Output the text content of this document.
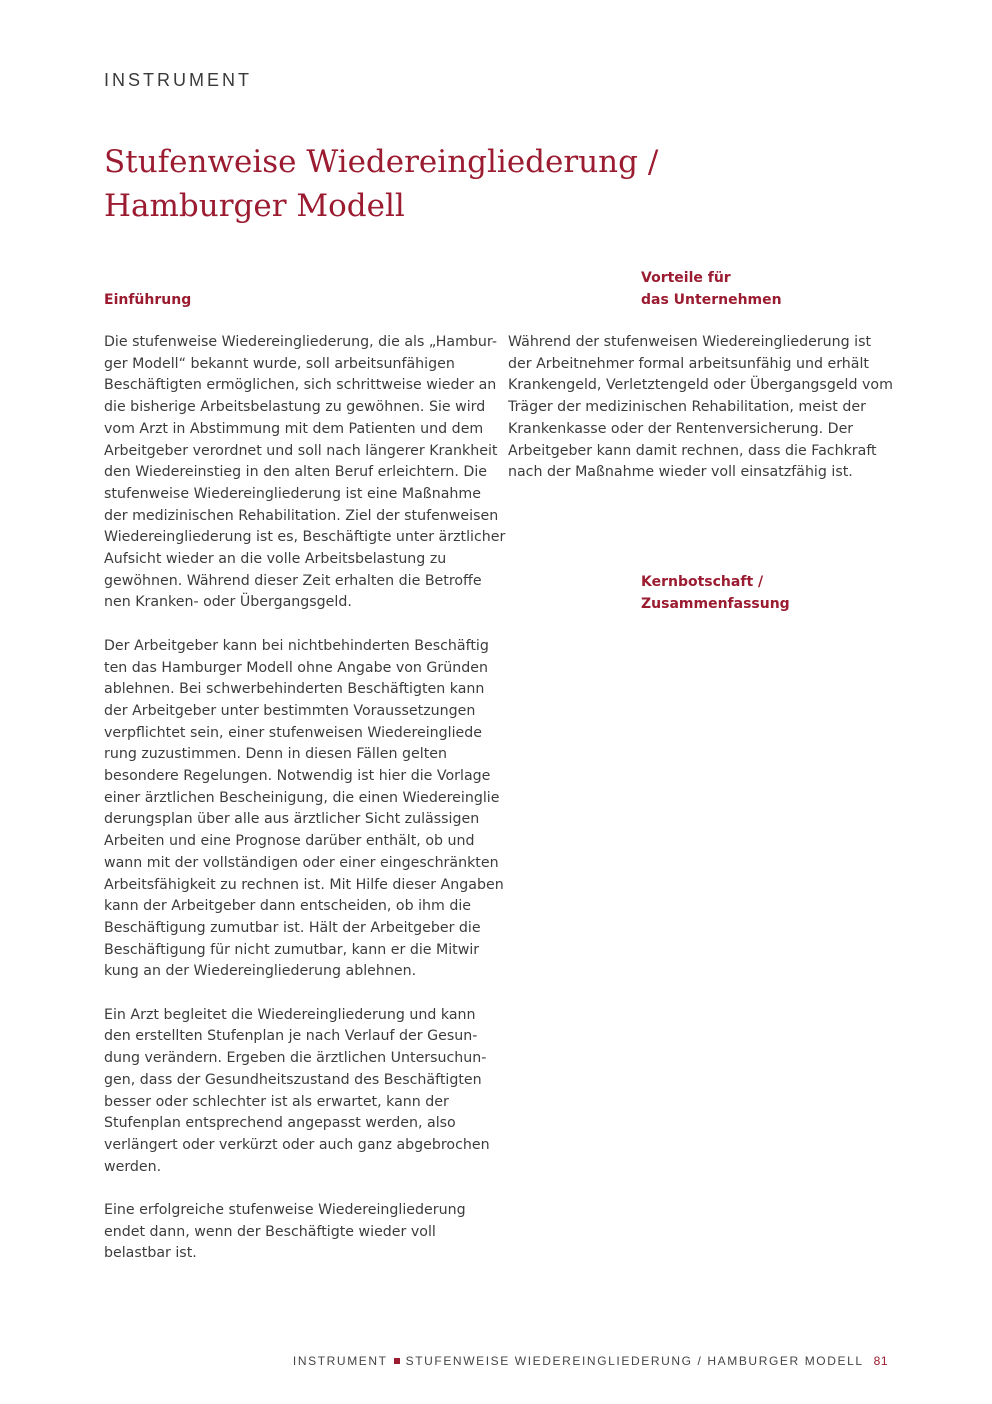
INSTRUMENT
Stufenweise Wiedereingliederung /
Hamburger Modell
Einführung
Die stufenweise Wiedereingliederung, die als „Hambur-
ger Modell“ bekannt wurde, soll arbeitsunfähigen
Beschäftigten ermöglichen, sich schrittweise wieder an
die bisherige Arbeitsbelastung zu gewöhnen. Sie wird
vom Arzt in Abstimmung mit dem Patienten und dem
Arbeitgeber verordnet und soll nach längerer Krankheit
den Wiedereinstieg in den alten Beruf erleichtern. Die
stufenweise Wiedereingliederung ist eine Maßnahme
der medizinischen Rehabilitation. Ziel der stufenweisen
Wiedereingliederung ist es, Beschäftigte unter ärztlicher
Aufsicht wieder an die volle Arbeitsbelastung zu
gewöhnen. Während dieser Zeit erhalten die Betroffe
nen Kranken- oder Übergangsgeld.
Der Arbeitgeber kann bei nichtbehinderten Beschäftig
ten das Hamburger Modell ohne Angabe von Gründen
ablehnen. Bei schwerbehinderten Beschäftigten kann
der Arbeitgeber unter bestimmten Voraussetzungen
verpflichtet sein, einer stufenweisen Wiedereingliede
rung zuzustimmen. Denn in diesen Fällen gelten
besondere Regelungen. Notwendig ist hier die Vorlage
einer ärztlichen Bescheinigung, die einen Wiedereinglie
derungsplan über alle aus ärztlicher Sicht zulässigen
Arbeiten und eine Prognose darüber enthält, ob und
wann mit der vollständigen oder einer eingeschränkten
Arbeitsfähigkeit zu rechnen ist. Mit Hilfe dieser Angaben
kann der Arbeitgeber dann entscheiden, ob ihm die
Beschäftigung zumutbar ist. Hält der Arbeitgeber die
Beschäftigung für nicht zumutbar, kann er die Mitwir
kung an der Wiedereingliederung ablehnen.
Ein Arzt begleitet die Wiedereingliederung und kann
den erstellten Stufenplan je nach Verlauf der Gesun-
dung verändern. Ergeben die ärztlichen Untersuchun-
gen, dass der Gesundheitszustand des Beschäftigten
besser oder schlechter ist als erwartet, kann der
Stufenplan entsprechend angepasst werden, also
verlängert oder verkürzt oder auch ganz abgebrochen
werden.
Eine erfolgreiche stufenweise Wiedereingliederung
endet dann, wenn der Beschäftigte wieder voll
belastbar ist.
Vorteile für
das Unternehmen
Während der stufenweisen Wiedereingliederung ist
der Arbeitnehmer formal arbeitsunfähig und erhält
Krankengeld, Verletztengeld oder Übergangsgeld vom
Träger der medizinischen Rehabilitation, meist der
Krankenkasse oder der Rentenversicherung. Der
Arbeitgeber kann damit rechnen, dass die Fachkraft
nach der Maßnahme wieder voll einsatzfähig ist.
Kernbotschaft /
Zusammenfassung
INSTRUMENT STUFENWEISE WIEDEREINGLIEDERUNG / HAMBURGER MODELL 81
